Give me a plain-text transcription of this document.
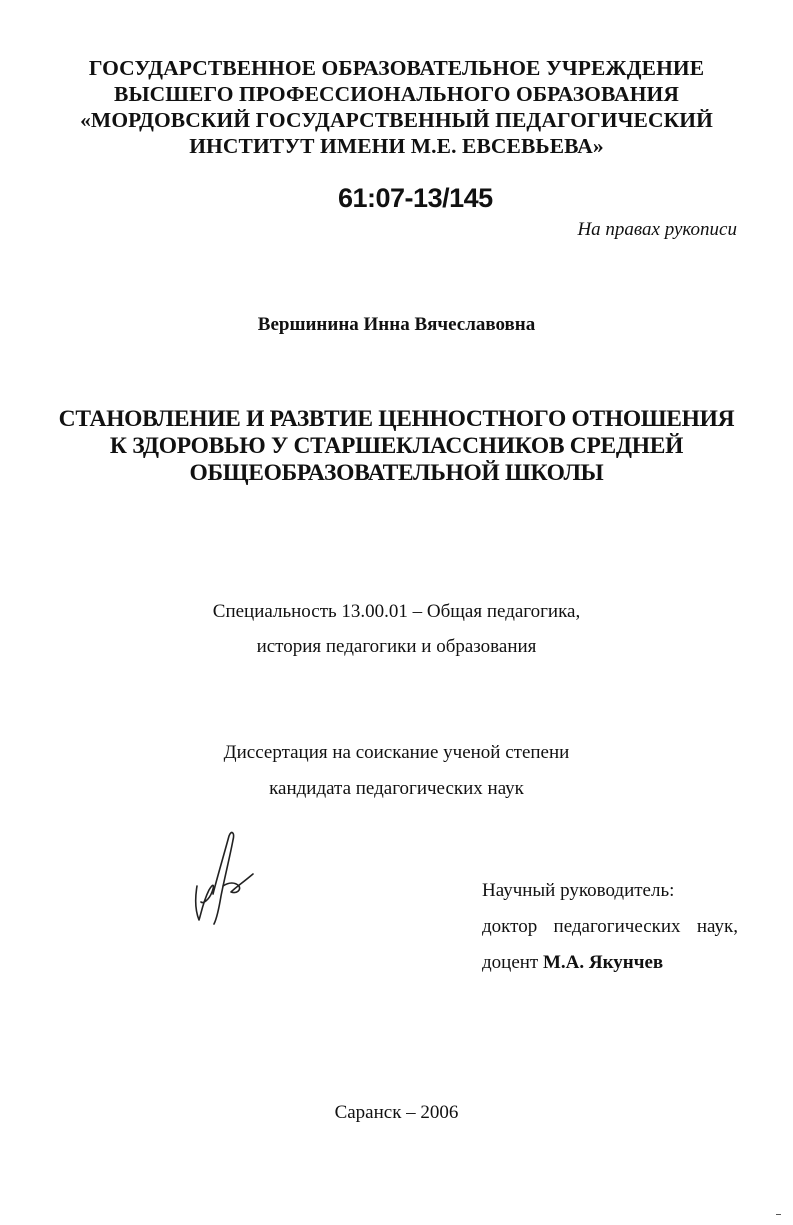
ГОСУДАРСТВЕННОЕ ОБРАЗОВАТЕЛЬНОЕ УЧРЕЖДЕНИЕ
ВЫСШЕГО ПРОФЕССИОНАЛЬНОГО ОБРАЗОВАНИЯ
«МОРДОВСКИЙ ГОСУДАРСТВЕННЫЙ ПЕДАГОГИЧЕСКИЙ
ИНСТИТУТ ИМЕНИ М.Е. ЕВСЕВЬЕВА»
61:07-13/145
На правах рукописи
Вершинина Инна Вячеславовна
СТАНОВЛЕНИЕ И РАЗВТИЕ ЦЕННОСТНОГО ОТНОШЕНИЯ
К ЗДОРОВЬЮ У СТАРШЕКЛАССНИКОВ СРЕДНЕЙ
ОБЩЕОБРАЗОВАТЕЛЬНОЙ ШКОЛЫ
Специальность 13.00.01 – Общая педагогика,
история педагогики и образования
Диссертация на соискание ученой степени
кандидата педагогических наук
Научный руководитель:
доктор педагогических наук,
доцент М.А. Якунчев
Саранск – 2006
